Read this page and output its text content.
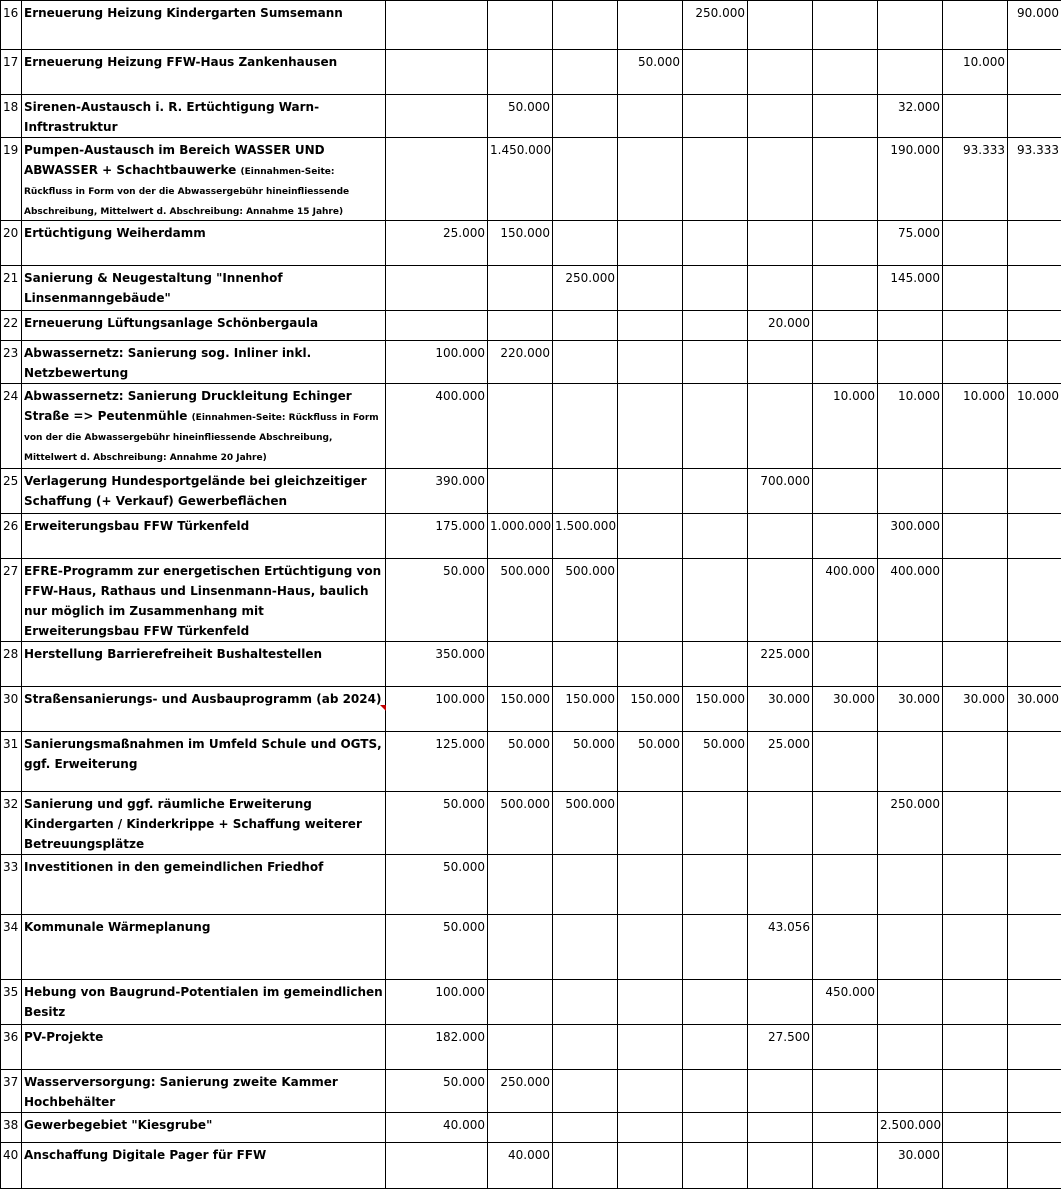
16	Erneuerung Heizung Kindergarten Sumsemann					250.000					90.000
17	Erneuerung Heizung FFW-Haus Zankenhausen				50.000					10.000	
18	Sirenen-Austausch i. R. Ertüchtigung Warn-Inftrastruktur		50.000						32.000		
19	Pumpen-Austausch im Bereich WASSER UND ABWASSER + Schachtbauwerke (Einnahmen-Seite: Rückfluss in Form von der die Abwassergebühr hineinfliessende Abschreibung, Mittelwert d. Abschreibung: Annahme 15 Jahre)		1.450.000						190.000	93.333	93.333
20	Ertüchtigung Weiherdamm	25.000	150.000						75.000		
21	Sanierung & Neugestaltung "Innenhof Linsenmanngebäude"			250.000					145.000		
22	Erneuerung Lüftungsanlage Schönbergaula						20.000				
23	Abwassernetz: Sanierung sog. Inliner inkl. Netzbewertung	100.000	220.000								
24	Abwassernetz: Sanierung Druckleitung Echinger Straße => Peutenmühle (Einnahmen-Seite: Rückfluss in Form von der die Abwassergebühr hineinfliessende Abschreibung, Mittelwert d. Abschreibung: Annahme 20 Jahre)	400.000						10.000	10.000	10.000	10.000
25	Verlagerung Hundesportgelände bei gleichzeitiger Schaffung (+ Verkauf) Gewerbeflächen	390.000					700.000				
26	Erweiterungsbau FFW Türkenfeld	175.000	1.000.000	1.500.000					300.000		
27	EFRE-Programm zur energetischen Ertüchtigung von FFW-Haus, Rathaus und Linsenmann-Haus, baulich nur möglich im Zusammenhang mit Erweiterungsbau FFW Türkenfeld	50.000	500.000	500.000				400.000	400.000		
28	Herstellung Barrierefreiheit Bushaltestellen	350.000					225.000				
30	Straßensanierungs- und Ausbauprogramm (ab 2024)	100.000	150.000	150.000	150.000	150.000	30.000	30.000	30.000	30.000	30.000
31	Sanierungsmaßnahmen im Umfeld Schule und OGTS, ggf. Erweiterung	125.000	50.000	50.000	50.000	50.000	25.000				
32	Sanierung und ggf. räumliche Erweiterung Kindergarten / Kinderkrippe + Schaffung weiterer Betreuungsplätze	50.000	500.000	500.000					250.000		
33	Investitionen in den gemeindlichen Friedhof	50.000									
34	Kommunale Wärmeplanung	50.000					43.056				
35	Hebung von Baugrund-Potentialen im gemeindlichen Besitz	100.000						450.000			
36	PV-Projekte	182.000					27.500				
37	Wasserversorgung: Sanierung zweite Kammer Hochbehälter	50.000	250.000								
38	Gewerbegebiet "Kiesgrube"	40.000							2.500.000		
40	Anschaffung Digitale Pager für FFW		40.000						30.000		
